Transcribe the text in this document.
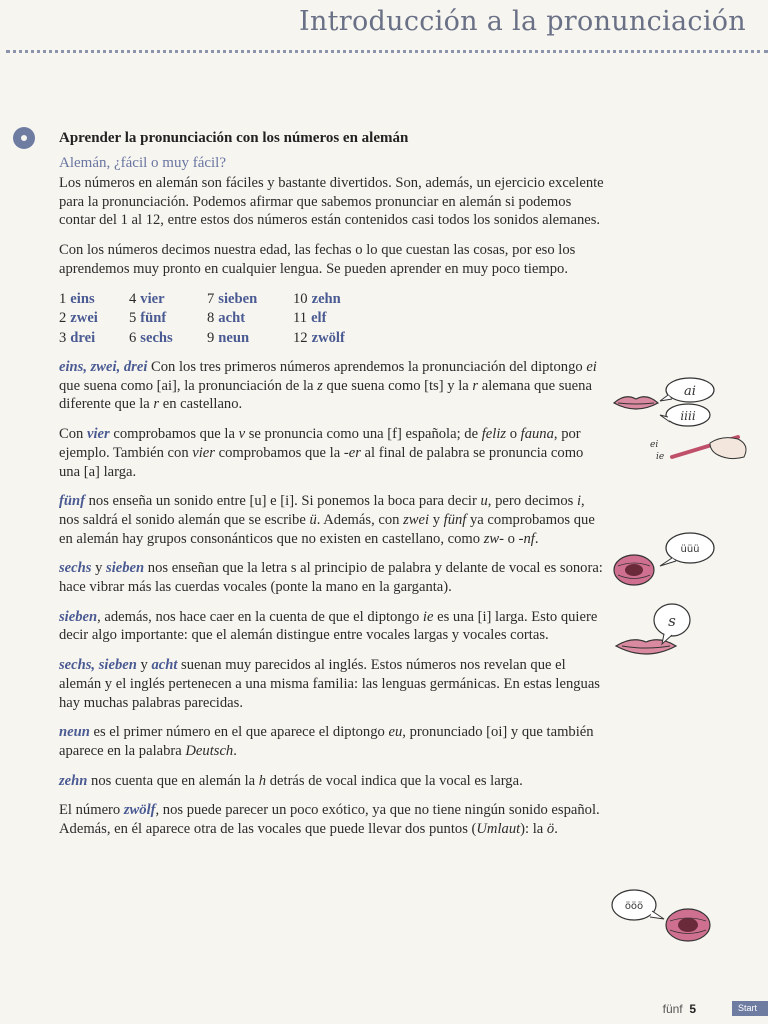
Introducción a la pronunciación
Aprender la pronunciación con los números en alemán
Alemán, ¿fácil o muy fácil?

Los números en alemán son fáciles y bastante divertidos. Son, además, un ejercicio excelente para la pronunciación. Podemos afirmar que sabemos pronunciar en alemán si podemos contar del 1 al 12, entre estos dos números están contenidos casi todos los sonidos alemanes.

Con los números decimos nuestra edad, las fechas o lo que cuestan las cosas, por eso los aprendemos muy pronto en cualquier lengua. Se pueden aprender en muy poco tiempo.

1 eins	4 vier	7 sieben	10 zehn
2 zwei	5 fünf	8 acht	11 elf
3 drei	6 sechs	9 neun	12 zwölf

eins, zwei, drei Con los tres primeros números aprendemos la pronunciación del diptongo ei que suena como [ai], la pronunciación de la z que suena como [ts] y la r alemana que suena diferente que la r en castellano.

Con vier comprobamos que la v se pronuncia como una [f] española; de feliz o fauna, por ejemplo. También con vier comprobamos que la -er al final de palabra se pronuncia como una [a] larga.

fünf nos enseña un sonido entre [u] e [i]. Si ponemos la boca para decir u, pero decimos i, nos saldrá el sonido alemán que se escribe ü. Además, con zwei y fünf ya comprobamos que en alemán hay grupos consonánticos que no existen en castellano, como zw- o -nf.

sechs y sieben nos enseñan que la letra s al principio de palabra y delante de vocal es sonora: hace vibrar más las cuerdas vocales (ponte la mano en la garganta).

sieben, además, nos hace caer en la cuenta de que el diptongo ie es una [i] larga. Esto quiere decir algo importante: que el alemán distingue entre vocales largas y vocales cortas.

sechs, sieben y acht suenan muy parecidos al inglés. Estos números nos revelan que el alemán y el inglés pertenecen a una misma familia: las lenguas germánicas. En estas lenguas hay muchas palabras parecidas.

neun es el primer número en el que aparece el diptongo eu, pronunciado [oi] y que también aparece en la palabra Deutsch.

zehn nos cuenta que en alemán la h detrás de vocal indica que la vocal es larga.

El número zwölf, nos puede parecer un poco exótico, ya que no tiene ningún sonido español. Además, en él aparece otra de las vocales que puede llevar dos puntos (Umlaut): la ö.

ai
iiii
ei
ie
üüü
s
ööö
fünf 5	Start
